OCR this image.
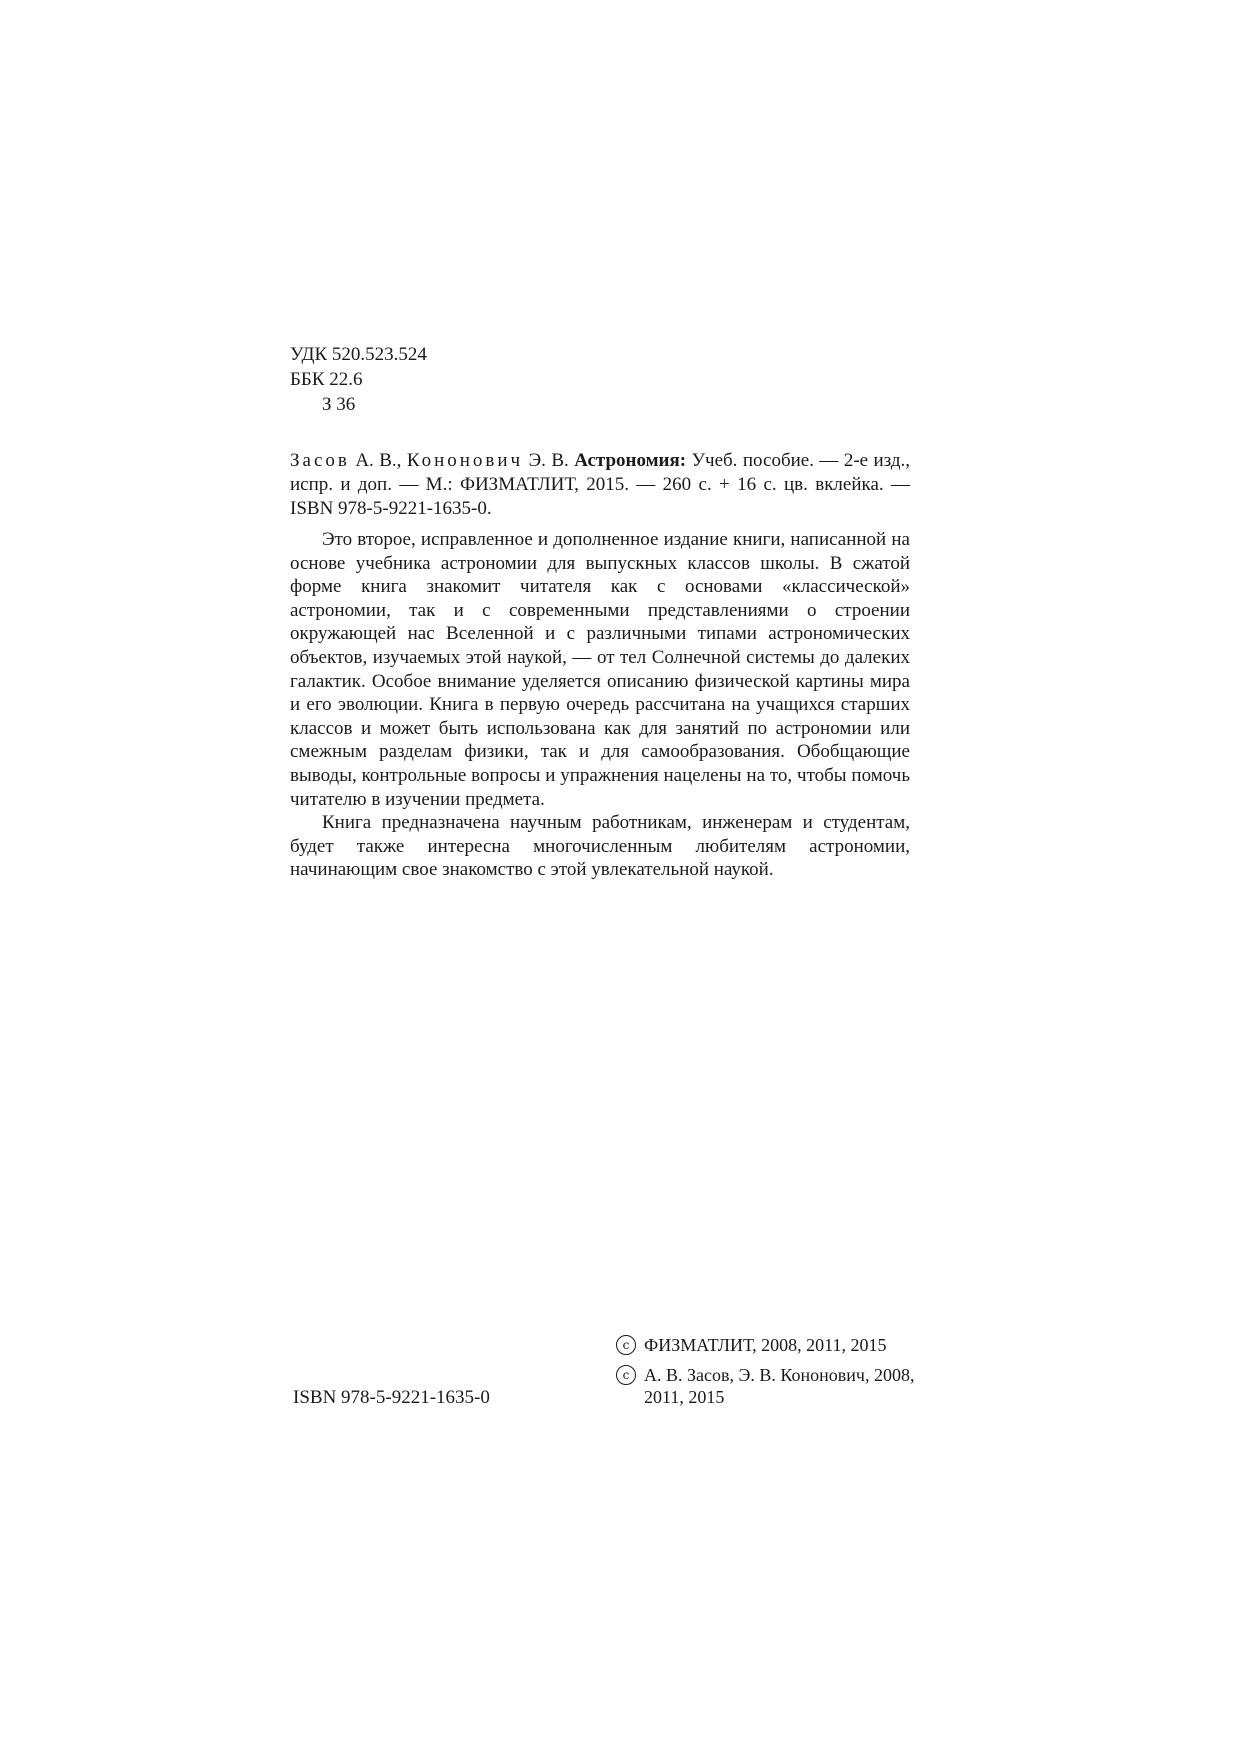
УДК 520.523.524
ББК 22.6
З 36
Засов А. В., Кононович Э. В. Астрономия: Учеб. пособие. — 2-е изд., испр. и доп. — М.: ФИЗМАТЛИТ, 2015. — 260 с. + 16 с. цв. вклейка. — ISBN 978-5-9221-1635-0.

Это второе, исправленное и дополненное издание книги, написанной на основе учебника астрономии для выпускных классов школы. В сжатой форме книга знакомит читателя как с основами «классической» астрономии, так и с современными представлениями о строении окружающей нас Вселенной и с различными типами астрономических объектов, изучаемых этой наукой, — от тел Солнечной системы до далеких галактик. Особое внимание уделяется описанию физической картины мира и его эволюции. Книга в первую очередь рассчитана на учащихся старших классов и может быть использована как для занятий по астрономии или смежным разделам физики, так и для самообразования. Обобщающие выводы, контрольные вопросы и упражнения нацелены на то, чтобы помочь читателю в изучении предмета.

Книга предназначена научным работникам, инженерам и студентам, будет также интересна многочисленным любителям астрономии, начинающим свое знакомство с этой увлекательной наукой.

ISBN 978-5-9221-1635-0
c
ФИЗМАТЛИТ, 2008, 2011, 2015
c
А. В. Засов, Э. В. Кононович, 2008, 2011, 2015
